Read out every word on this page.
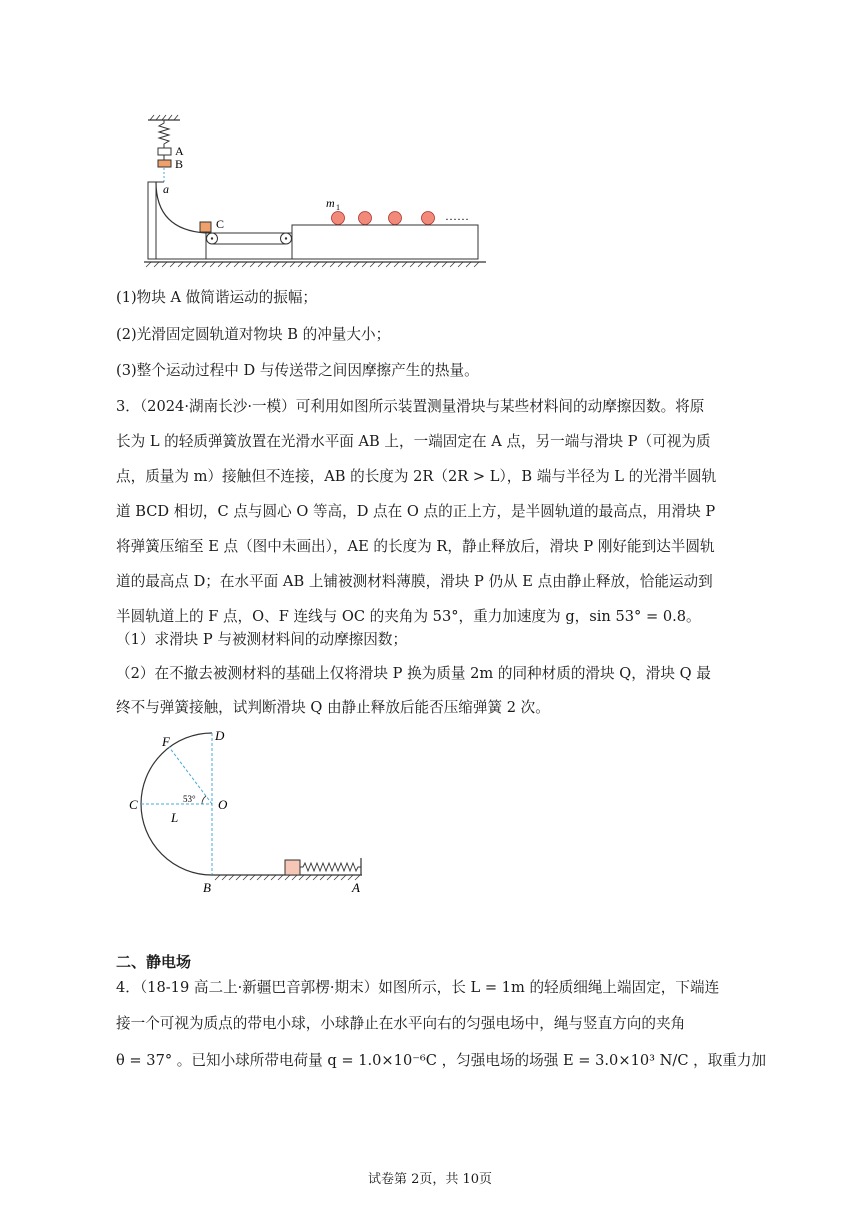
A
B
a
C
m 1
……
(1)物块 A 做简谐运动的振幅；
(2)光滑固定圆轨道对物块 B 的冲量大小；
(3)整个运动过程中 D 与传送带之间因摩擦产生的热量。
3．（2024·湖南长沙·一模）可利用如图所示装置测量滑块与某些材料间的动摩擦因数。将原
长为 L 的轻质弹簧放置在光滑水平面 AB 上，一端固定在 A 点，另一端与滑块 P（可视为质
点，质量为 m）接触但不连接，AB 的长度为 2R（2R > L），B 端与半径为 L 的光滑半圆轨
道 BCD 相切，C 点与圆心 O 等高，D 点在 O 点的正上方，是半圆轨道的最高点，用滑块 P
将弹簧压缩至 E 点（图中未画出），AE 的长度为 R，静止释放后，滑块 P 刚好能到达半圆轨
道的最高点 D；在水平面 AB 上铺被测材料薄膜，滑块 P 仍从 E 点由静止释放，恰能运动到
半圆轨道上的 F 点，O、F 连线与 OC 的夹角为 53°，重力加速度为 g，sin 53° = 0.8。
（1）求滑块 P 与被测材料间的动摩擦因数；
（2）在不撤去被测材料的基础上仅将滑块 P 换为质量 2m 的同种材质的滑块 Q，滑块 Q 最
终不与弹簧接触，试判断滑块 Q 由静止释放后能否压缩弹簧 2 次。
53°
F	D
C	O
L
B	A
二、静电场
4．（18-19 高二上·新疆巴音郭楞·期末）如图所示，长 L = 1m 的轻质细绳上端固定，下端连
接一个可视为质点的带电小球，小球静止在水平向右的匀强电场中，绳与竖直方向的夹角
θ = 37° 。已知小球所带电荷量 q = 1.0×10⁻⁶C ，匀强电场的场强 E = 3.0×10³ N/C ，取重力加
试卷第 2页，共 10页
